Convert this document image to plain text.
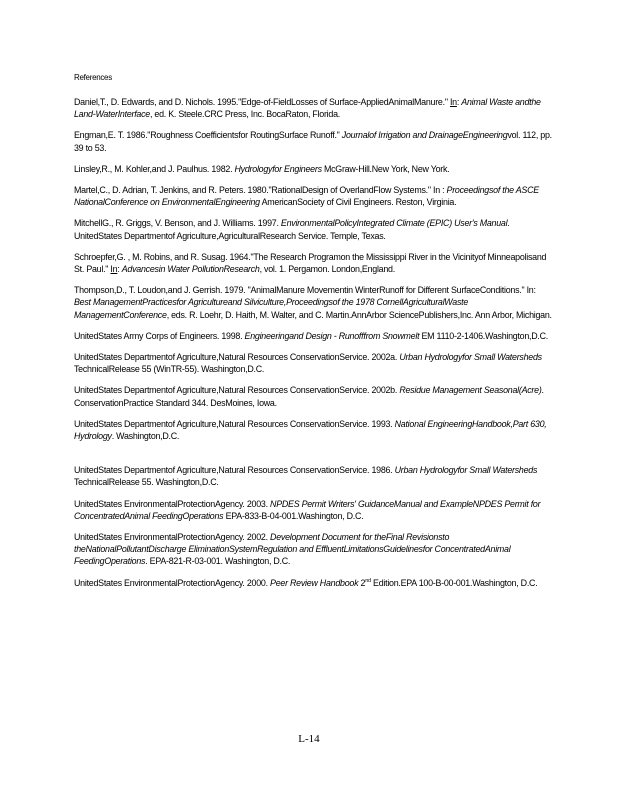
References

Daniel,T., D. Edwards, and D. Nichols. 1995."Edge-of-FieldLosses of Surface-AppliedAnimalManure." In: Animal Waste andthe Land-WaterInterface, ed. K. Steele.CRC Press, Inc. BocaRaton, Florida.

Engman,E. T. 1986."Roughness Coefficientsfor RoutingSurface Runoff." Journalof Irrigation and DrainageEngineeringvol. 112, pp. 39 to 53.

Linsley,R., M. Kohler,and J. Paulhus. 1982. Hydrologyfor Engineers McGraw-Hill.New York, New York.

Martel,C., D. Adrian, T. Jenkins, and R. Peters. 1980."RationalDesign of OverlandFlow Systems." In : Proceedingsof the ASCE NationalConference on EnvironmentalEngineering AmericanSociety of Civil Engineers. Reston, Virginia.

MitchellG., R. Griggs, V. Benson, and J. Williams. 1997. EnvironmentalPolicyIntegrated Climate (EPIC) User's Manual. UnitedStates Departmentof Agriculture,AgriculturalResearch Service. Temple, Texas.

Schroepfer,G. , M. Robins, and R. Susag. 1964."The Research Programon the Mississippi River in the Vicinityof Minneapolisand St. Paul." In: Advancesin Water PollutionResearch, vol. 1. Pergamon. London,England.

Thompson,D., T. Loudon,and J. Gerrish. 1979. "AnimalManure Movementin WinterRunoff for Different SurfaceConditions." In: Best ManagementPracticesfor Agricultureand Silviculture,Proceedingsof the 1978 CornellAgriculturalWaste ManagementConference, eds. R. Loehr, D. Haith, M. Walter, and C. Martin.AnnArbor SciencePublishers,Inc. Ann Arbor, Michigan.

UnitedStates Army Corps of Engineers. 1998. Engineeringand Design - Runofffrom Snowmelt EM 1110-2-1406.Washington,D.C.

UnitedStates Departmentof Agriculture,Natural Resources ConservationService. 2002a. Urban Hydrologyfor Small Watersheds TechnicalRelease 55 (WinTR-55). Washington,D.C.

UnitedStates Departmentof Agriculture,Natural Resources ConservationService. 2002b. Residue Management Seasonal(Acre). ConservationPractice Standard 344. DesMoines, Iowa.

UnitedStates Departmentof Agriculture,Natural Resources ConservationService. 1993. National EngineeringHandbook,Part 630, Hydrology. Washington,D.C.

UnitedStates Departmentof Agriculture,Natural Resources ConservationService. 1986. Urban Hydrologyfor Small Watersheds TechnicalRelease 55. Washington,D.C.

UnitedStates EnvironmentalProtectionAgency. 2003. NPDES Permit Writers' GuidanceManual and ExampleNPDES Permit for ConcentratedAnimal FeedingOperations EPA-833-B-04-001.Washington, D.C.

UnitedStates EnvironmentalProtectionAgency. 2002. Development Document for theFinal Revisionsto theNationalPollutantDischarge EliminationSystemRegulation and EffluentLimitationsGuidelinesfor ConcentratedAnimal FeedingOperations. EPA-821-R-03-001. Washington, D.C.

UnitedStates EnvironmentalProtectionAgency. 2000. Peer Review Handbook 2nd Edition.EPA 100-B-00-001.Washington, D.C.

L-14
